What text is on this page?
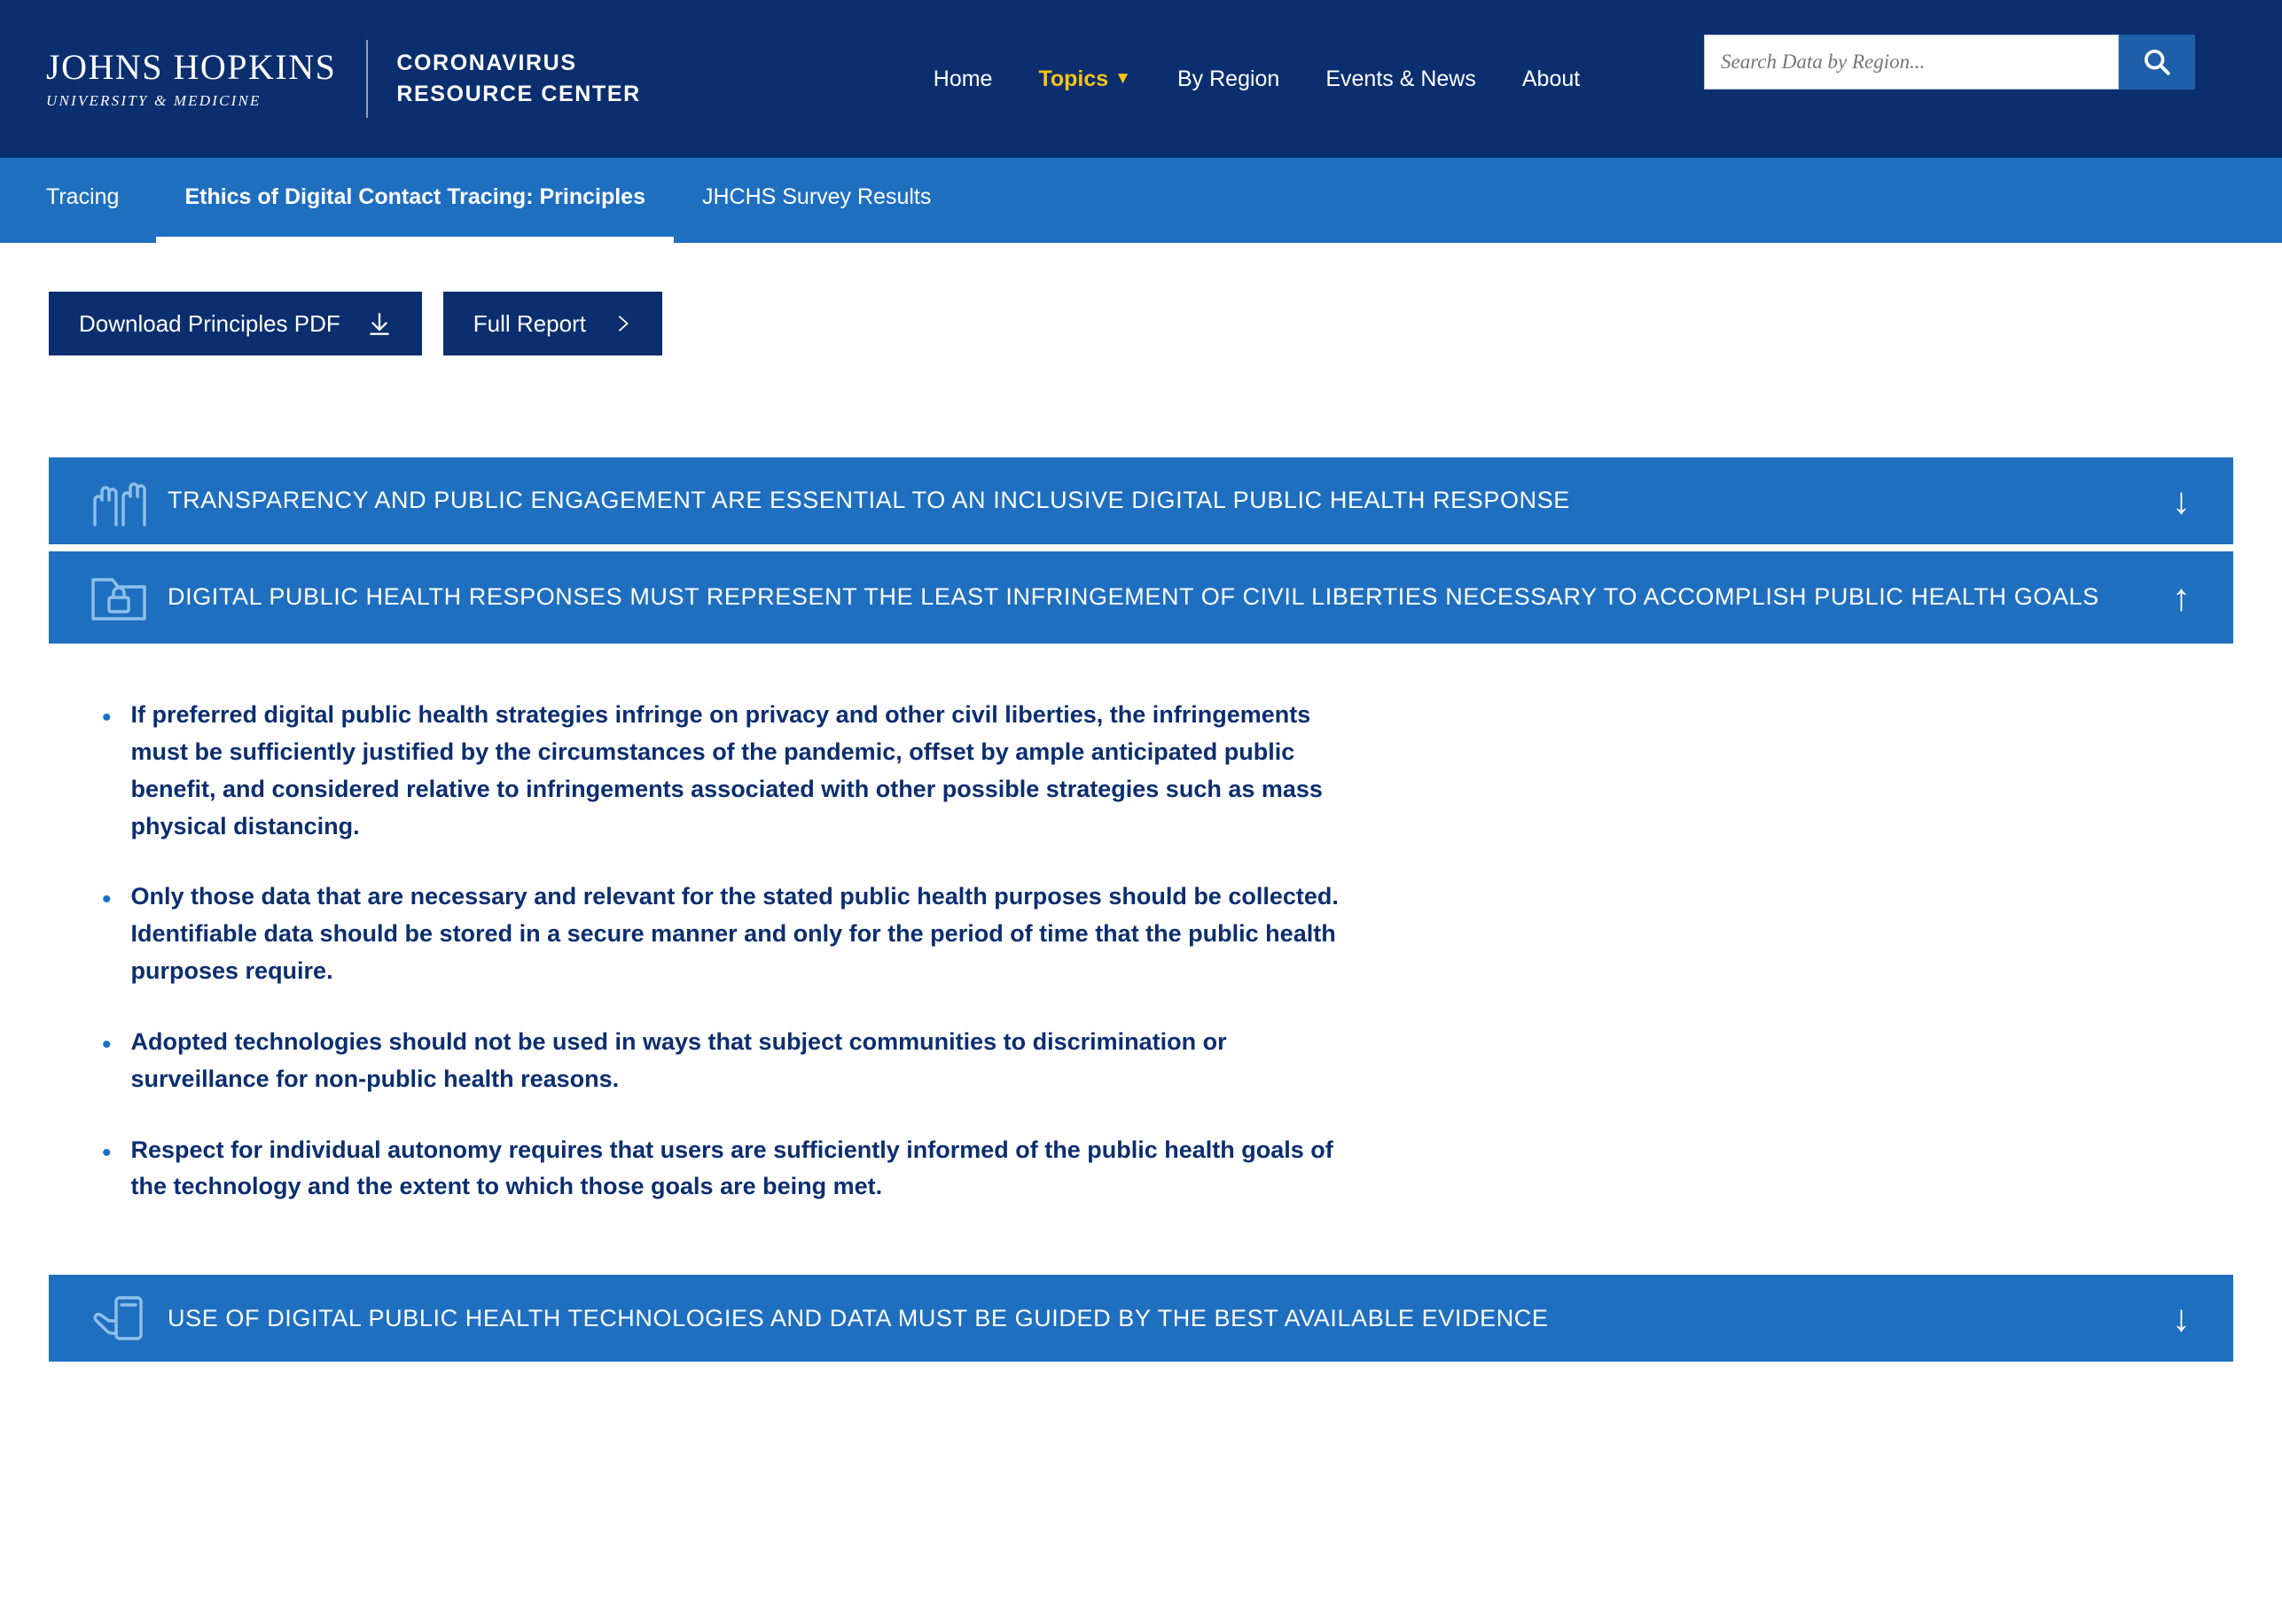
JOHNS HOPKINS
UNIVERSITY & MEDICINE
CORONAVIRUS
RESOURCE CENTER
Home Topics ▼ By Region Events & News About
Search Data by Region...
Tracing	Ethics of Digital Contact Tracing: Principles	JHCHS Survey Results
Download Principles PDF	Full Report
TRANSPARENCY AND PUBLIC ENGAGEMENT ARE ESSENTIAL TO AN INCLUSIVE DIGITAL PUBLIC HEALTH RESPONSE	↓
DIGITAL PUBLIC HEALTH RESPONSES MUST REPRESENT THE LEAST INFRINGEMENT OF CIVIL LIBERTIES NECESSARY TO ACCOMPLISH PUBLIC HEALTH GOALS	↑
• If preferred digital public health strategies infringe on privacy and other civil liberties, the infringements must be sufficiently justified by the circumstances of the pandemic, offset by ample anticipated public benefit, and considered relative to infringements associated with other possible strategies such as mass physical distancing.
• Only those data that are necessary and relevant for the stated public health purposes should be collected. Identifiable data should be stored in a secure manner and only for the period of time that the public health purposes require.
• Adopted technologies should not be used in ways that subject communities to discrimination or surveillance for non-public health reasons.
• Respect for individual autonomy requires that users are sufficiently informed of the public health goals of the technology and the extent to which those goals are being met.
USE OF DIGITAL PUBLIC HEALTH TECHNOLOGIES AND DATA MUST BE GUIDED BY THE BEST AVAILABLE EVIDENCE	↓
